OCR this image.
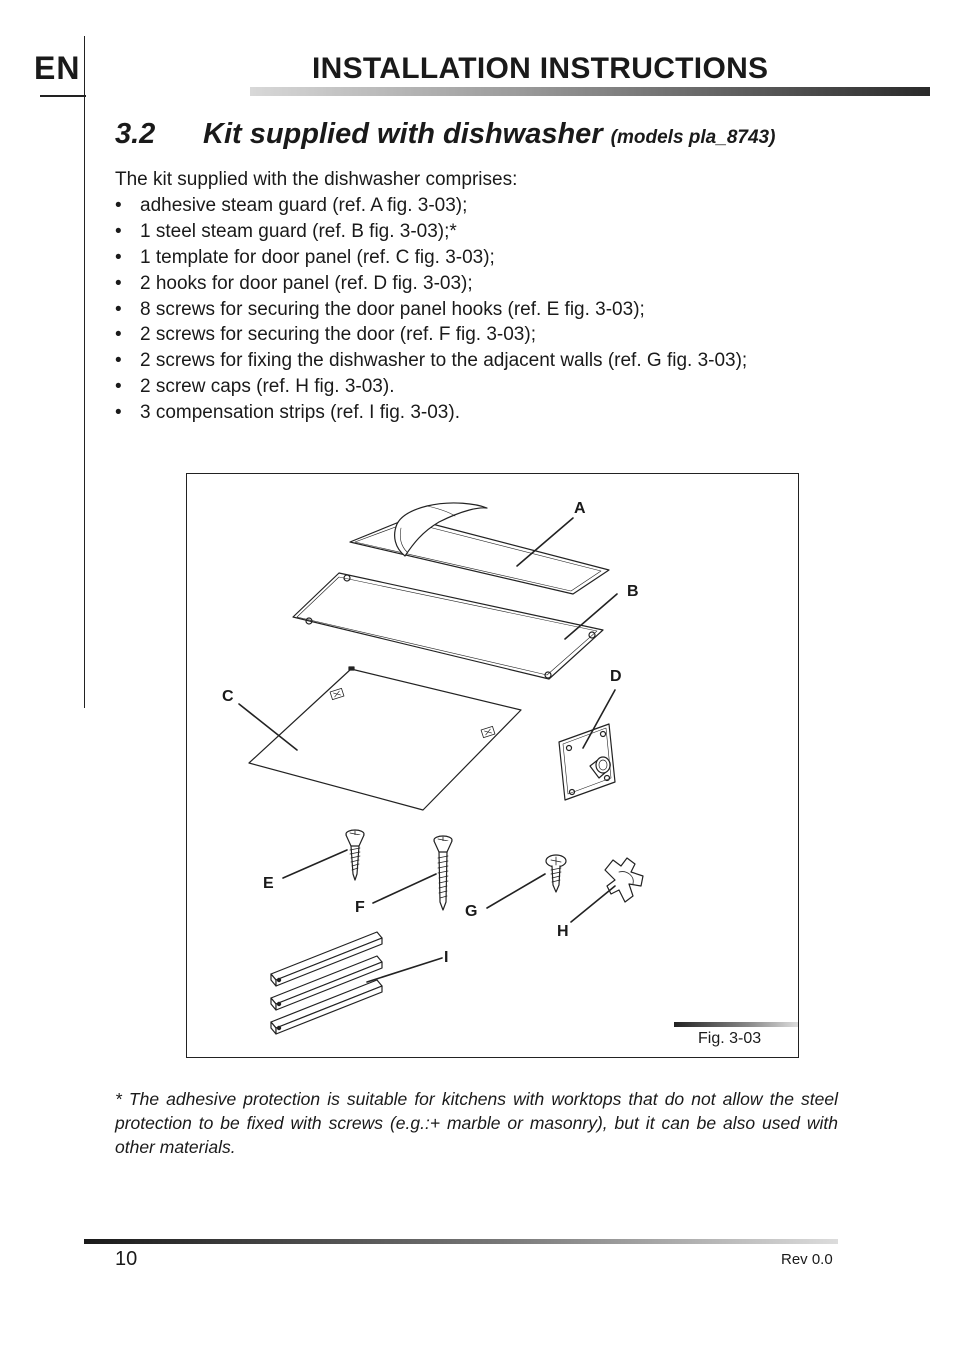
EN	INSTALLATION INSTRUCTIONS
3.2 Kit supplied with dishwasher (models pla_8743)
The kit supplied with the dishwasher comprises:
• adhesive steam guard (ref. A fig. 3-03);
• 1 steel steam guard (ref. B fig. 3-03);*
• 1 template for door panel (ref. C fig. 3-03);
• 2 hooks for door panel (ref. D fig. 3-03);
• 8 screws for securing the door panel hooks (ref. E fig. 3-03);
• 2 screws for securing the door (ref. F fig. 3-03);
• 2 screws for fixing the dishwasher to the adjacent walls (ref. G fig. 3-03);
• 2 screw caps (ref. H fig. 3-03).
• 3 compensation strips (ref. I fig. 3-03).
A
B
C
D
E
F	G
H
I
Fig. 3-03
* The adhesive protection is suitable for kitchens with worktops that do not allow the steel protection to be fixed with screws (e.g.:+ marble or masonry), but it can be also used with other materials.
10	Rev 0.0
